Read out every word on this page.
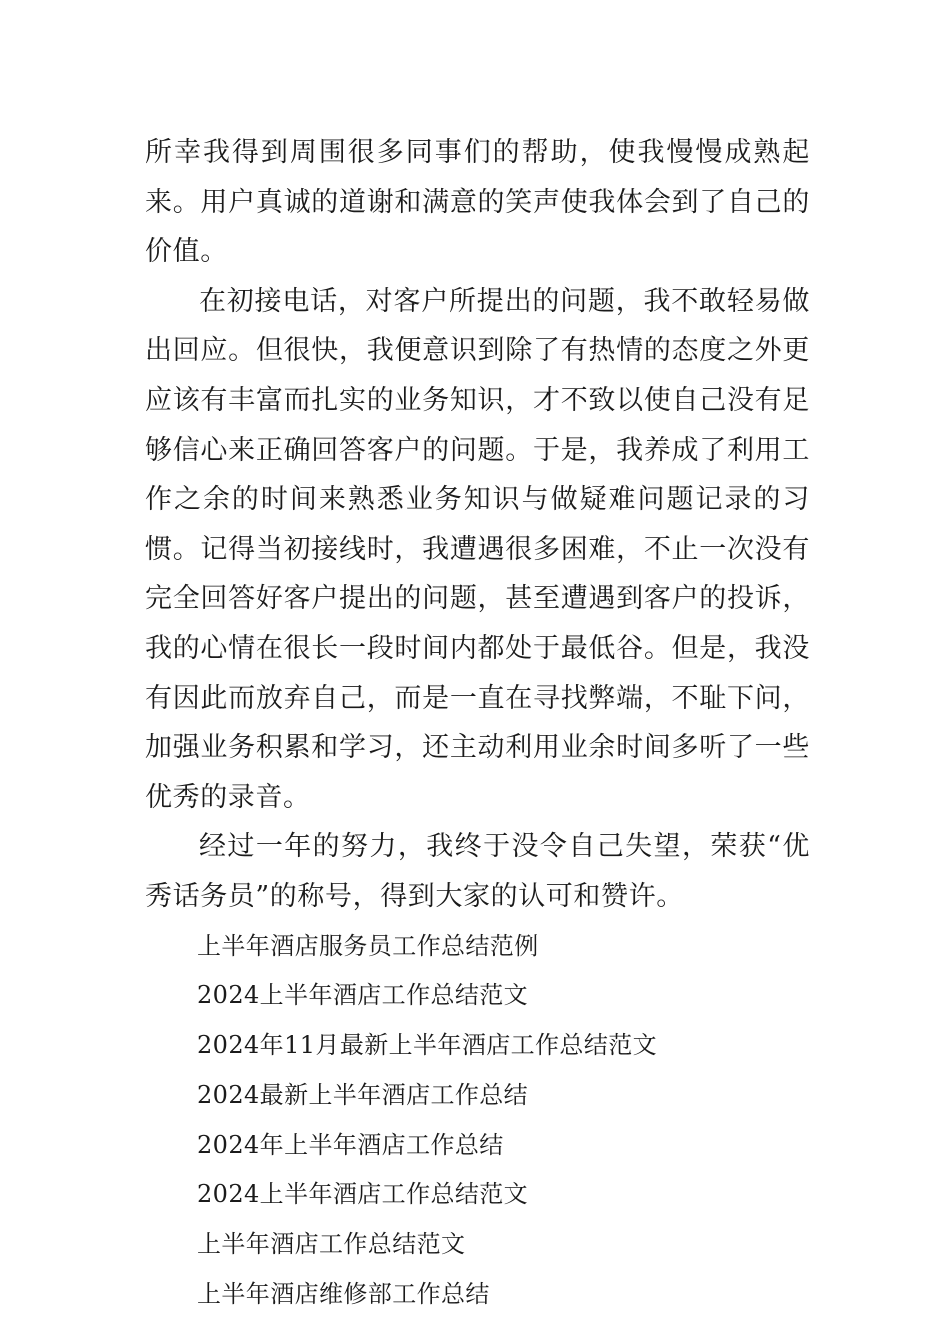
所幸我得到周围很多同事们的帮助，使我慢慢成熟起来。用户真诚的道谢和满意的笑声使我体会到了自己的价值。

在初接电话，对客户所提出的问题，我不敢轻易做出回应。但很快，我便意识到除了有热情的态度之外更应该有丰富而扎实的业务知识，才不致以使自己没有足够信心来正确回答客户的问题。于是，我养成了利用工作之余的时间来熟悉业务知识与做疑难问题记录的习惯。记得当初接线时，我遭遇很多困难，不止一次没有完全回答好客户提出的问题，甚至遭遇到客户的投诉，我的心情在很长一段时间内都处于最低谷。但是，我没有因此而放弃自己，而是一直在寻找弊端，不耻下问，加强业务积累和学习，还主动利用业余时间多听了一些优秀的录音。

经过一年的努力，我终于没令自己失望，荣获“优秀话务员”的称号，得到大家的认可和赞许。

上半年酒店服务员工作总结范例
2024上半年酒店工作总结范文
2024年11月最新上半年酒店工作总结范文
2024最新上半年酒店工作总结
2024年上半年酒店工作总结
2024上半年酒店工作总结范文
上半年酒店工作总结范文
上半年酒店维修部工作总结
